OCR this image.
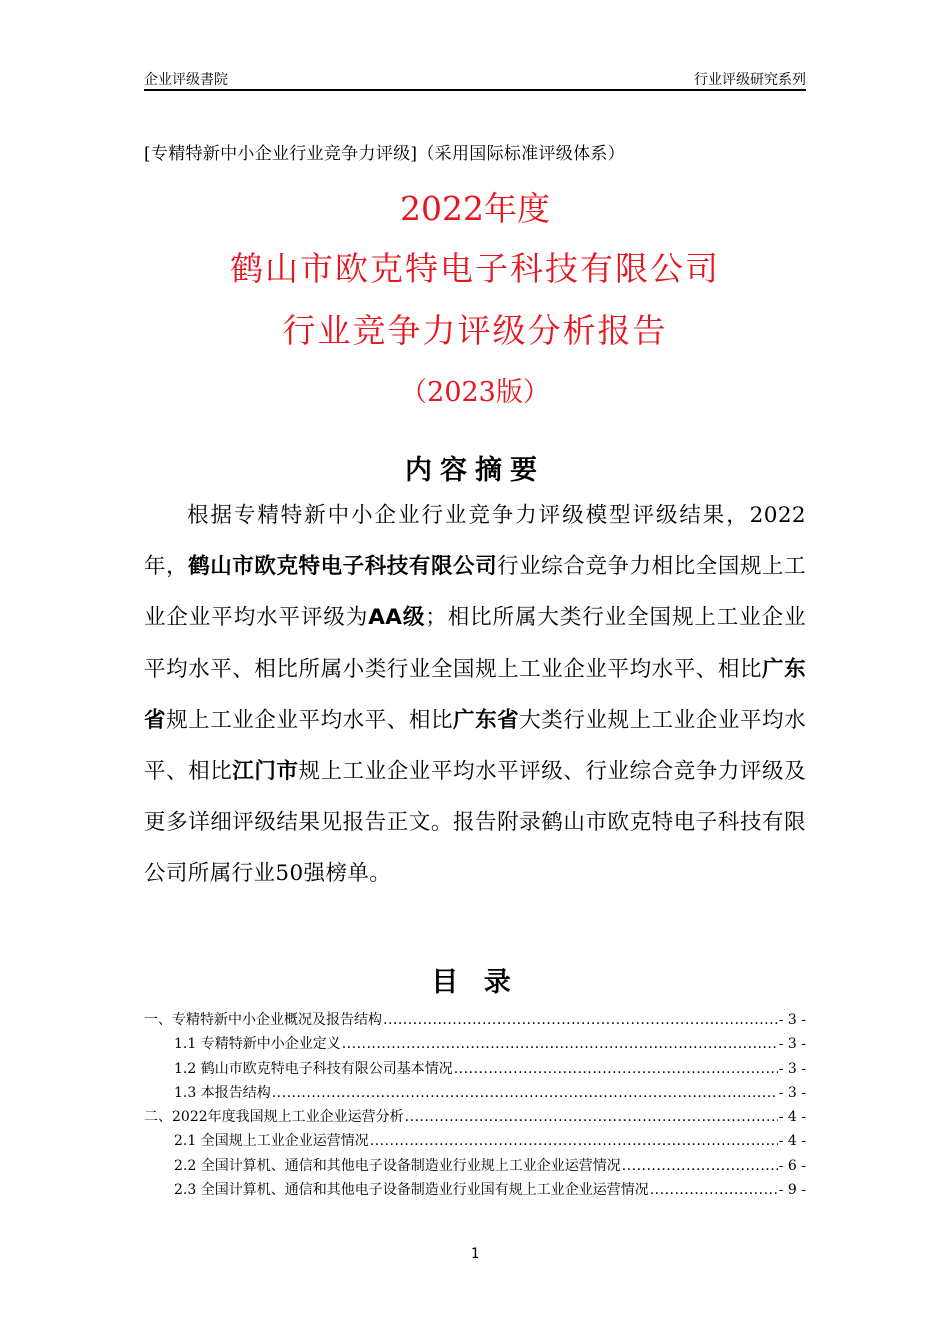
企业评级書院	行业评级研究系列
[专精特新中小企业行业竞争力评级]（采用国际标准评级体系）
2022年度
鹤山市欧克特电子科技有限公司
行业竞争力评级分析报告
（2023版）
内容摘要
根据专精特新中小企业行业竞争力评级模型评级结果，2022年，鹤山市欧克特电子科技有限公司行业综合竞争力相比全国规上工业企业平均水平评级为AA级；相比所属大类行业全国规上工业企业平均水平、相比所属小类行业全国规上工业企业平均水平、相比广东省规上工业企业平均水平、相比广东省大类行业规上工业企业平均水平、相比江门市规上工业企业平均水平评级、行业综合竞争力评级及更多详细评级结果见报告正文。报告附录鹤山市欧克特电子科技有限公司所属行业50强榜单。
目 录
一、专精特新中小企业概况及报告结构 .....	- 3 -
1.1 专精特新中小企业定义 .....	- 3 -
1.2 鹤山市欧克特电子科技有限公司基本情况 .....	- 3 -
1.3 本报告结构 .....	- 3 -
二、2022年度我国规上工业企业运营分析 .....	- 4 -
2.1 全国规上工业企业运营情况 .....	- 4 -
2.2 全国计算机、通信和其他电子设备制造业行业规上工业企业运营情况 .....	- 6 -
2.3 全国计算机、通信和其他电子设备制造业行业国有规上工业企业运营情况 .....	- 9 -
1
